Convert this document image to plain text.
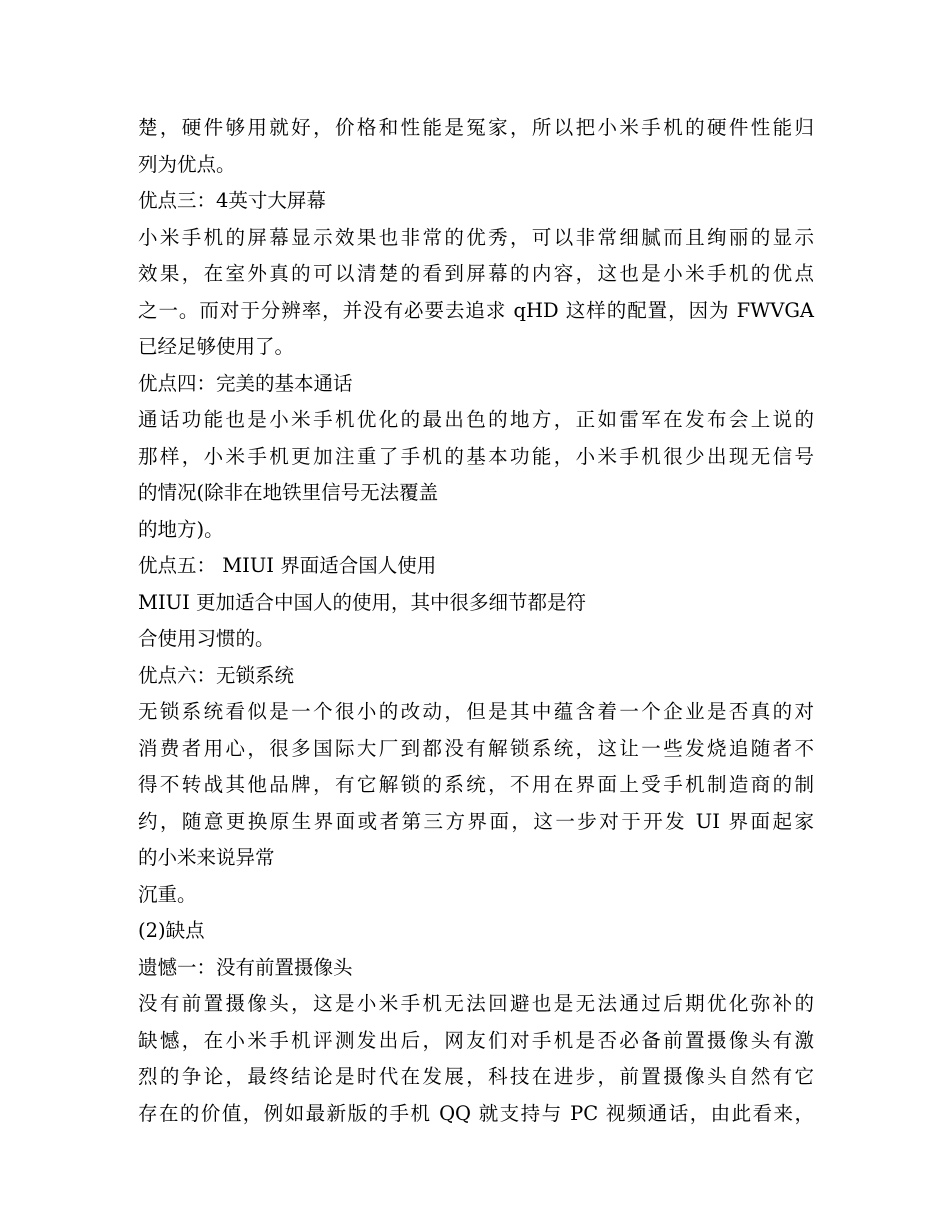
楚，硬件够用就好，价格和性能是冤家，所以把小米手机的硬件性能归
列为优点。
优点三：4英寸大屏幕
小米手机的屏幕显示效果也非常的优秀，可以非常细腻而且绚丽的显示
效果，在室外真的可以清楚的看到屏幕的内容，这也是小米手机的优点
之一。而对于分辨率，并没有必要去追求 qHD 这样的配置，因为 FWVGA
已经足够使用了。
优点四：完美的基本通话
通话功能也是小米手机优化的最出色的地方，正如雷军在发布会上说的
那样，小米手机更加注重了手机的基本功能，小米手机很少出现无信号
的情况(除非在地铁里信号无法覆盖
的地方)。
优点五： MIUI 界面适合国人使用
MIUI 更加适合中国人的使用，其中很多细节都是符
合使用习惯的。
优点六：无锁系统
无锁系统看似是一个很小的改动，但是其中蕴含着一个企业是否真的对
消费者用心，很多国际大厂到都没有解锁系统，这让一些发烧追随者不
得不转战其他品牌，有它解锁的系统，不用在界面上受手机制造商的制
约，随意更换原生界面或者第三方界面，这一步对于开发 UI 界面起家
的小米来说异常
沉重。
(2)缺点
遗憾一：没有前置摄像头
没有前置摄像头，这是小米手机无法回避也是无法通过后期优化弥补的
缺憾，在小米手机评测发出后，网友们对手机是否必备前置摄像头有激
烈的争论，最终结论是时代在发展，科技在进步，前置摄像头自然有它
存在的价值，例如最新版的手机 QQ 就支持与 PC 视频通话，由此看来，
